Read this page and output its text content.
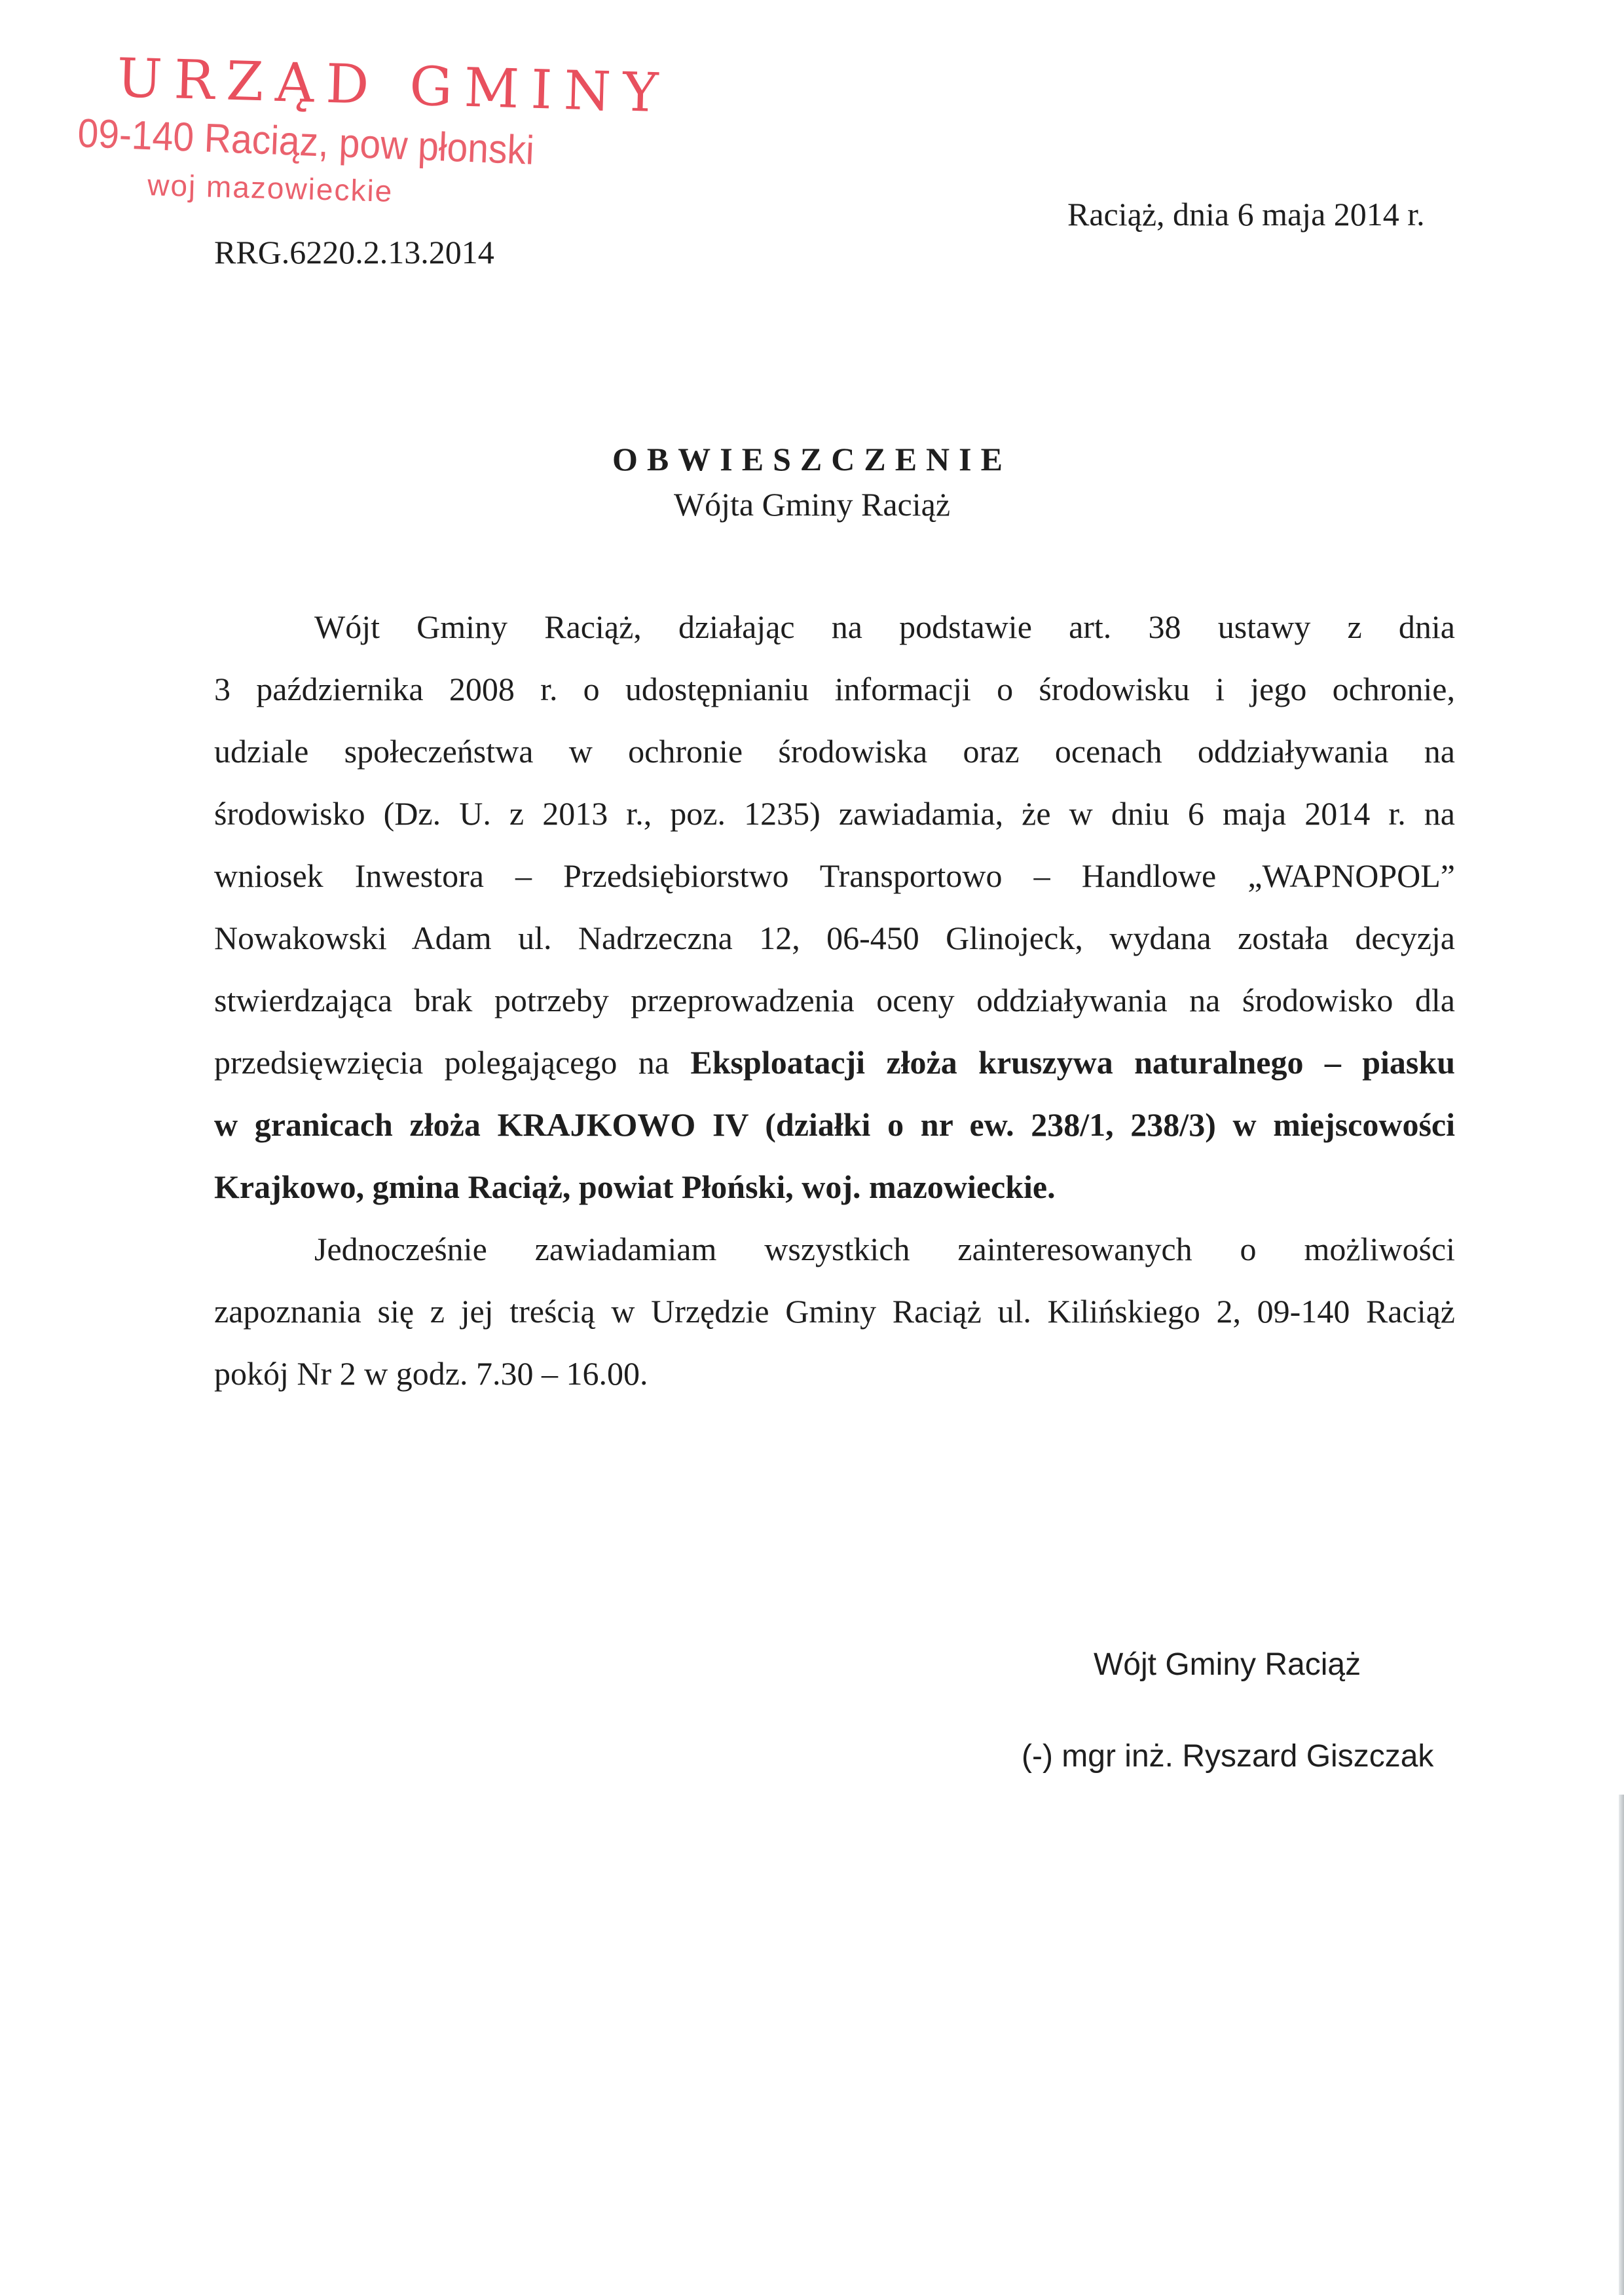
URZĄD GMINY
09-140 Raciąz, pow płonski
woj mazowieckie
RRG.6220.2.13.2014
Raciąż, dnia 6 maja 2014 r.
OBWIESZCZENIE
Wójta Gminy Raciąż
Wójt Gminy Raciąż, działając na podstawie art. 38 ustawy z dnia
3 października 2008 r. o udostępnianiu informacji o środowisku i jego ochronie,
udziale społeczeństwa w ochronie środowiska oraz ocenach oddziaływania na
środowisko (Dz. U. z 2013 r., poz. 1235) zawiadamia, że w dniu 6 maja 2014 r. na
wniosek Inwestora – Przedsiębiorstwo Transportowo – Handlowe „WAPNOPOL”
Nowakowski Adam ul. Nadrzeczna 12, 06-450 Glinojeck, wydana została decyzja
stwierdzająca brak potrzeby przeprowadzenia oceny oddziaływania na środowisko dla
przedsięwzięcia polegającego na Eksploatacji złoża kruszywa naturalnego – piasku
w granicach złoża KRAJKOWO IV (działki o nr ew. 238/1, 238/3) w miejscowości
Krajkowo, gmina Raciąż, powiat Płoński, woj. mazowieckie.
Jednocześnie zawiadamiam wszystkich zainteresowanych o możliwości
zapoznania się z jej treścią w Urzędzie Gminy Raciąż ul. Kilińskiego 2, 09-140 Raciąż
pokój Nr 2 w godz. 7.30 – 16.00.
Wójt Gminy Raciąż
(-) mgr inż. Ryszard Giszczak
